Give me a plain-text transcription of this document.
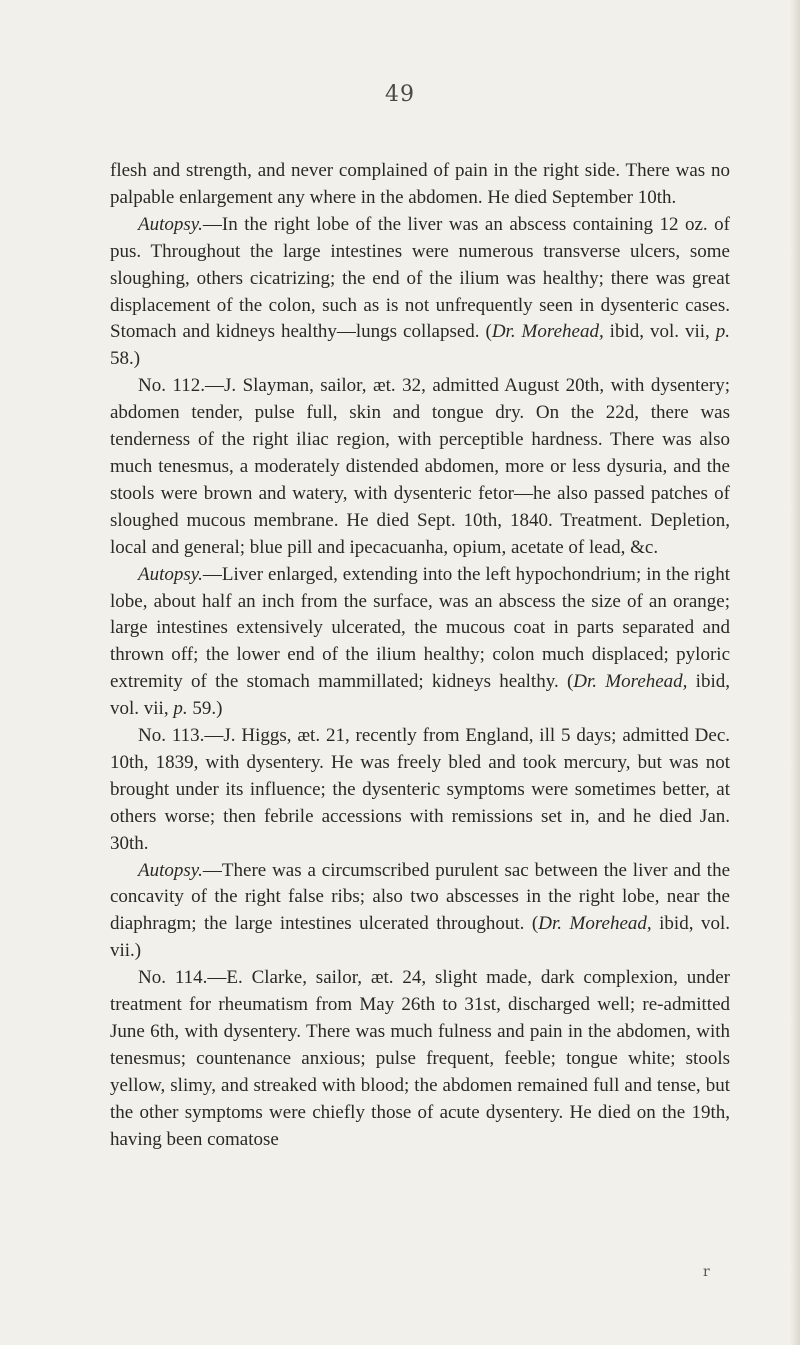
49

flesh and strength, and never complained of pain in the right side. There was no palpable enlargement any where in the abdomen. He died September 10th.

Autopsy.—In the right lobe of the liver was an abscess containing 12 oz. of pus. Throughout the large intestines were numerous transverse ulcers, some sloughing, others cicatrizing; the end of the ilium was healthy; there was great displacement of the colon, such as is not unfrequently seen in dysenteric cases. Stomach and kidneys healthy—lungs collapsed. (Dr. Morehead, ibid, vol. vii, p. 58.)

No. 112.—J. Slayman, sailor, æt. 32, admitted August 20th, with dysentery; abdomen tender, pulse full, skin and tongue dry. On the 22d, there was tenderness of the right iliac region, with perceptible hardness. There was also much tenesmus, a moderately distended abdomen, more or less dysuria, and the stools were brown and watery, with dysenteric fetor—he also passed patches of sloughed mucous membrane. He died Sept. 10th, 1840. Treatment. Depletion, local and general; blue pill and ipecacuanha, opium, acetate of lead, &c.

Autopsy.—Liver enlarged, extending into the left hypochondrium; in the right lobe, about half an inch from the surface, was an abscess the size of an orange; large intestines extensively ulcerated, the mucous coat in parts separated and thrown off; the lower end of the ilium healthy; colon much displaced; pyloric extremity of the stomach mammillated; kidneys healthy. (Dr. Morehead, ibid, vol. vii, p. 59.)

No. 113.—J. Higgs, æt. 21, recently from England, ill 5 days; admitted Dec. 10th, 1839, with dysentery. He was freely bled and took mercury, but was not brought under its influence; the dysenteric symptoms were sometimes better, at others worse; then febrile accessions with remissions set in, and he died Jan. 30th.

Autopsy.—There was a circumscribed purulent sac between the liver and the concavity of the right false ribs; also two abscesses in the right lobe, near the diaphragm; the large intestines ulcerated throughout. (Dr. Morehead, ibid, vol. vii.)

No. 114.—E. Clarke, sailor, æt. 24, slight made, dark complexion, under treatment for rheumatism from May 26th to 31st, discharged well; re-admitted June 6th, with dysentery. There was much fulness and pain in the abdomen, with tenesmus; countenance anxious; pulse frequent, feeble; tongue white; stools yellow, slimy, and streaked with blood; the abdomen remained full and tense, but the other symptoms were chiefly those of acute dysentery. He died on the 19th, having been comatose

r
